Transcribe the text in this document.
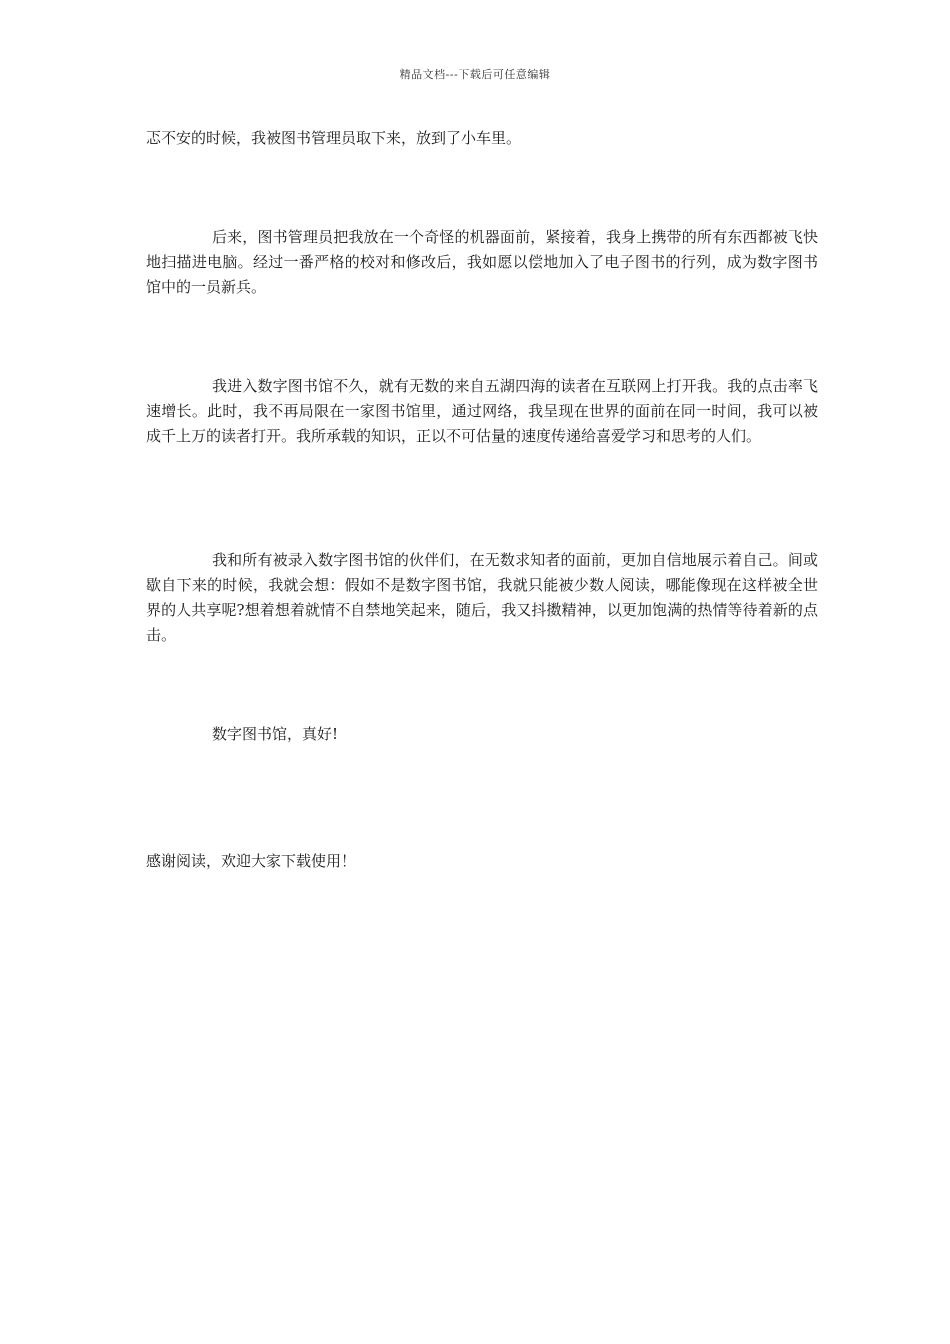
精品文档---下载后可任意编辑
忑不安的时候，我被图书管理员取下来，放到了小车里。
后来，图书管理员把我放在一个奇怪的机器面前，紧接着，我身上携带的所有东西都被飞快地扫描进电脑。经过一番严格的校对和修改后，我如愿以偿地加入了电子图书的行列，成为数字图书馆中的一员新兵。
我进入数字图书馆不久，就有无数的来自五湖四海的读者在互联网上打开我。我的点击率飞速增长。此时，我不再局限在一家图书馆里，通过网络，我呈现在世界的面前在同一时间，我可以被成千上万的读者打开。我所承载的知识，正以不可估量的速度传递给喜爱学习和思考的人们。
我和所有被录入数字图书馆的伙伴们，在无数求知者的面前，更加自信地展示着自己。间或歇自下来的时候，我就会想：假如不是数字图书馆，我就只能被少数人阅读，哪能像现在这样被全世界的人共享呢?想着想着就情不自禁地笑起来，随后，我又抖擞精神，以更加饱满的热情等待着新的点击。
数字图书馆，真好!
感谢阅读，欢迎大家下载使用！
